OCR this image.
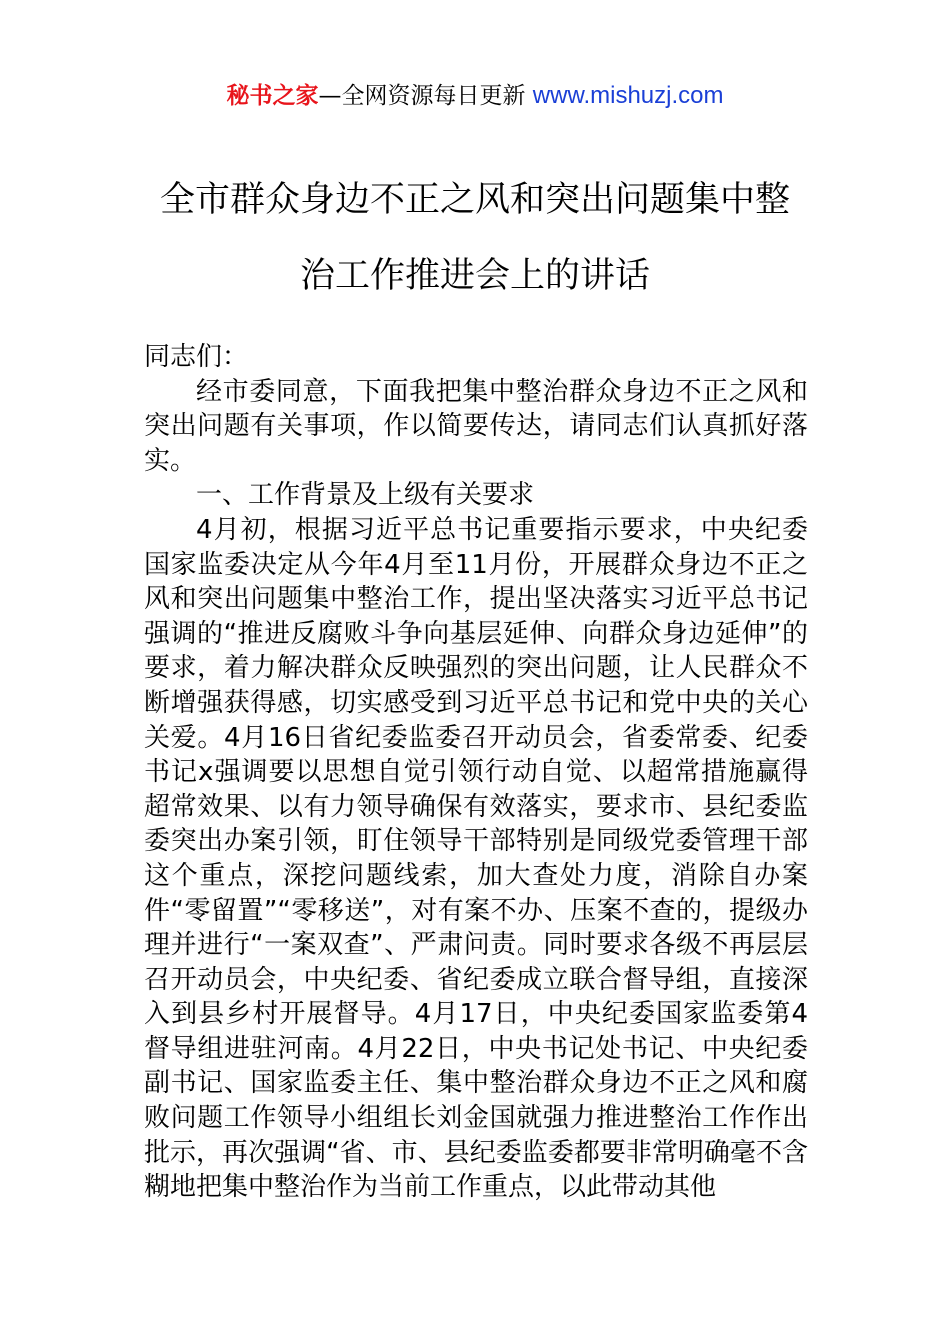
秘书之家—全网资源每日更新 www.mishuzj.com
全市群众身边不正之风和突出问题集中整
治工作推进会上的讲话

同志们：

经市委同意，下面我把集中整治群众身边不正之风和突出问题有关事项，作以简要传达，请同志们认真抓好落实。

一、工作背景及上级有关要求

4月初，根据习近平总书记重要指示要求，中央纪委国家监委决定从今年4月至11月份，开展群众身边不正之风和突出问题集中整治工作，提出坚决落实习近平总书记强调的“推进反腐败斗争向基层延伸、向群众身边延伸”的要求，着力解决群众反映强烈的突出问题，让人民群众不断增强获得感，切实感受到习近平总书记和党中央的关心关爱。4月16日省纪委监委召开动员会，省委常委、纪委书记x强调要以思想自觉引领行动自觉、以超常措施赢得超常效果、以有力领导确保有效落实，要求市、县纪委监委突出办案引领，盯住领导干部特别是同级党委管理干部这个重点，深挖问题线索，加大查处力度，消除自办案件“零留置”“零移送”，对有案不办、压案不查的，提级办理并进行“一案双查”、严肃问责。同时要求各级不再层层召开动员会，中央纪委、省纪委成立联合督导组，直接深入到县乡村开展督导。4月17日，中央纪委国家监委第4督导组进驻河南。4月22日，中央书记处书记、中央纪委副书记、国家监委主任、集中整治群众身边不正之风和腐败问题工作领导小组组长刘金国就强力推进整治工作作出批示，再次强调“省、市、县纪委监委都要非常明确毫不含糊地把集中整治作为当前工作重点，以此带动其他
